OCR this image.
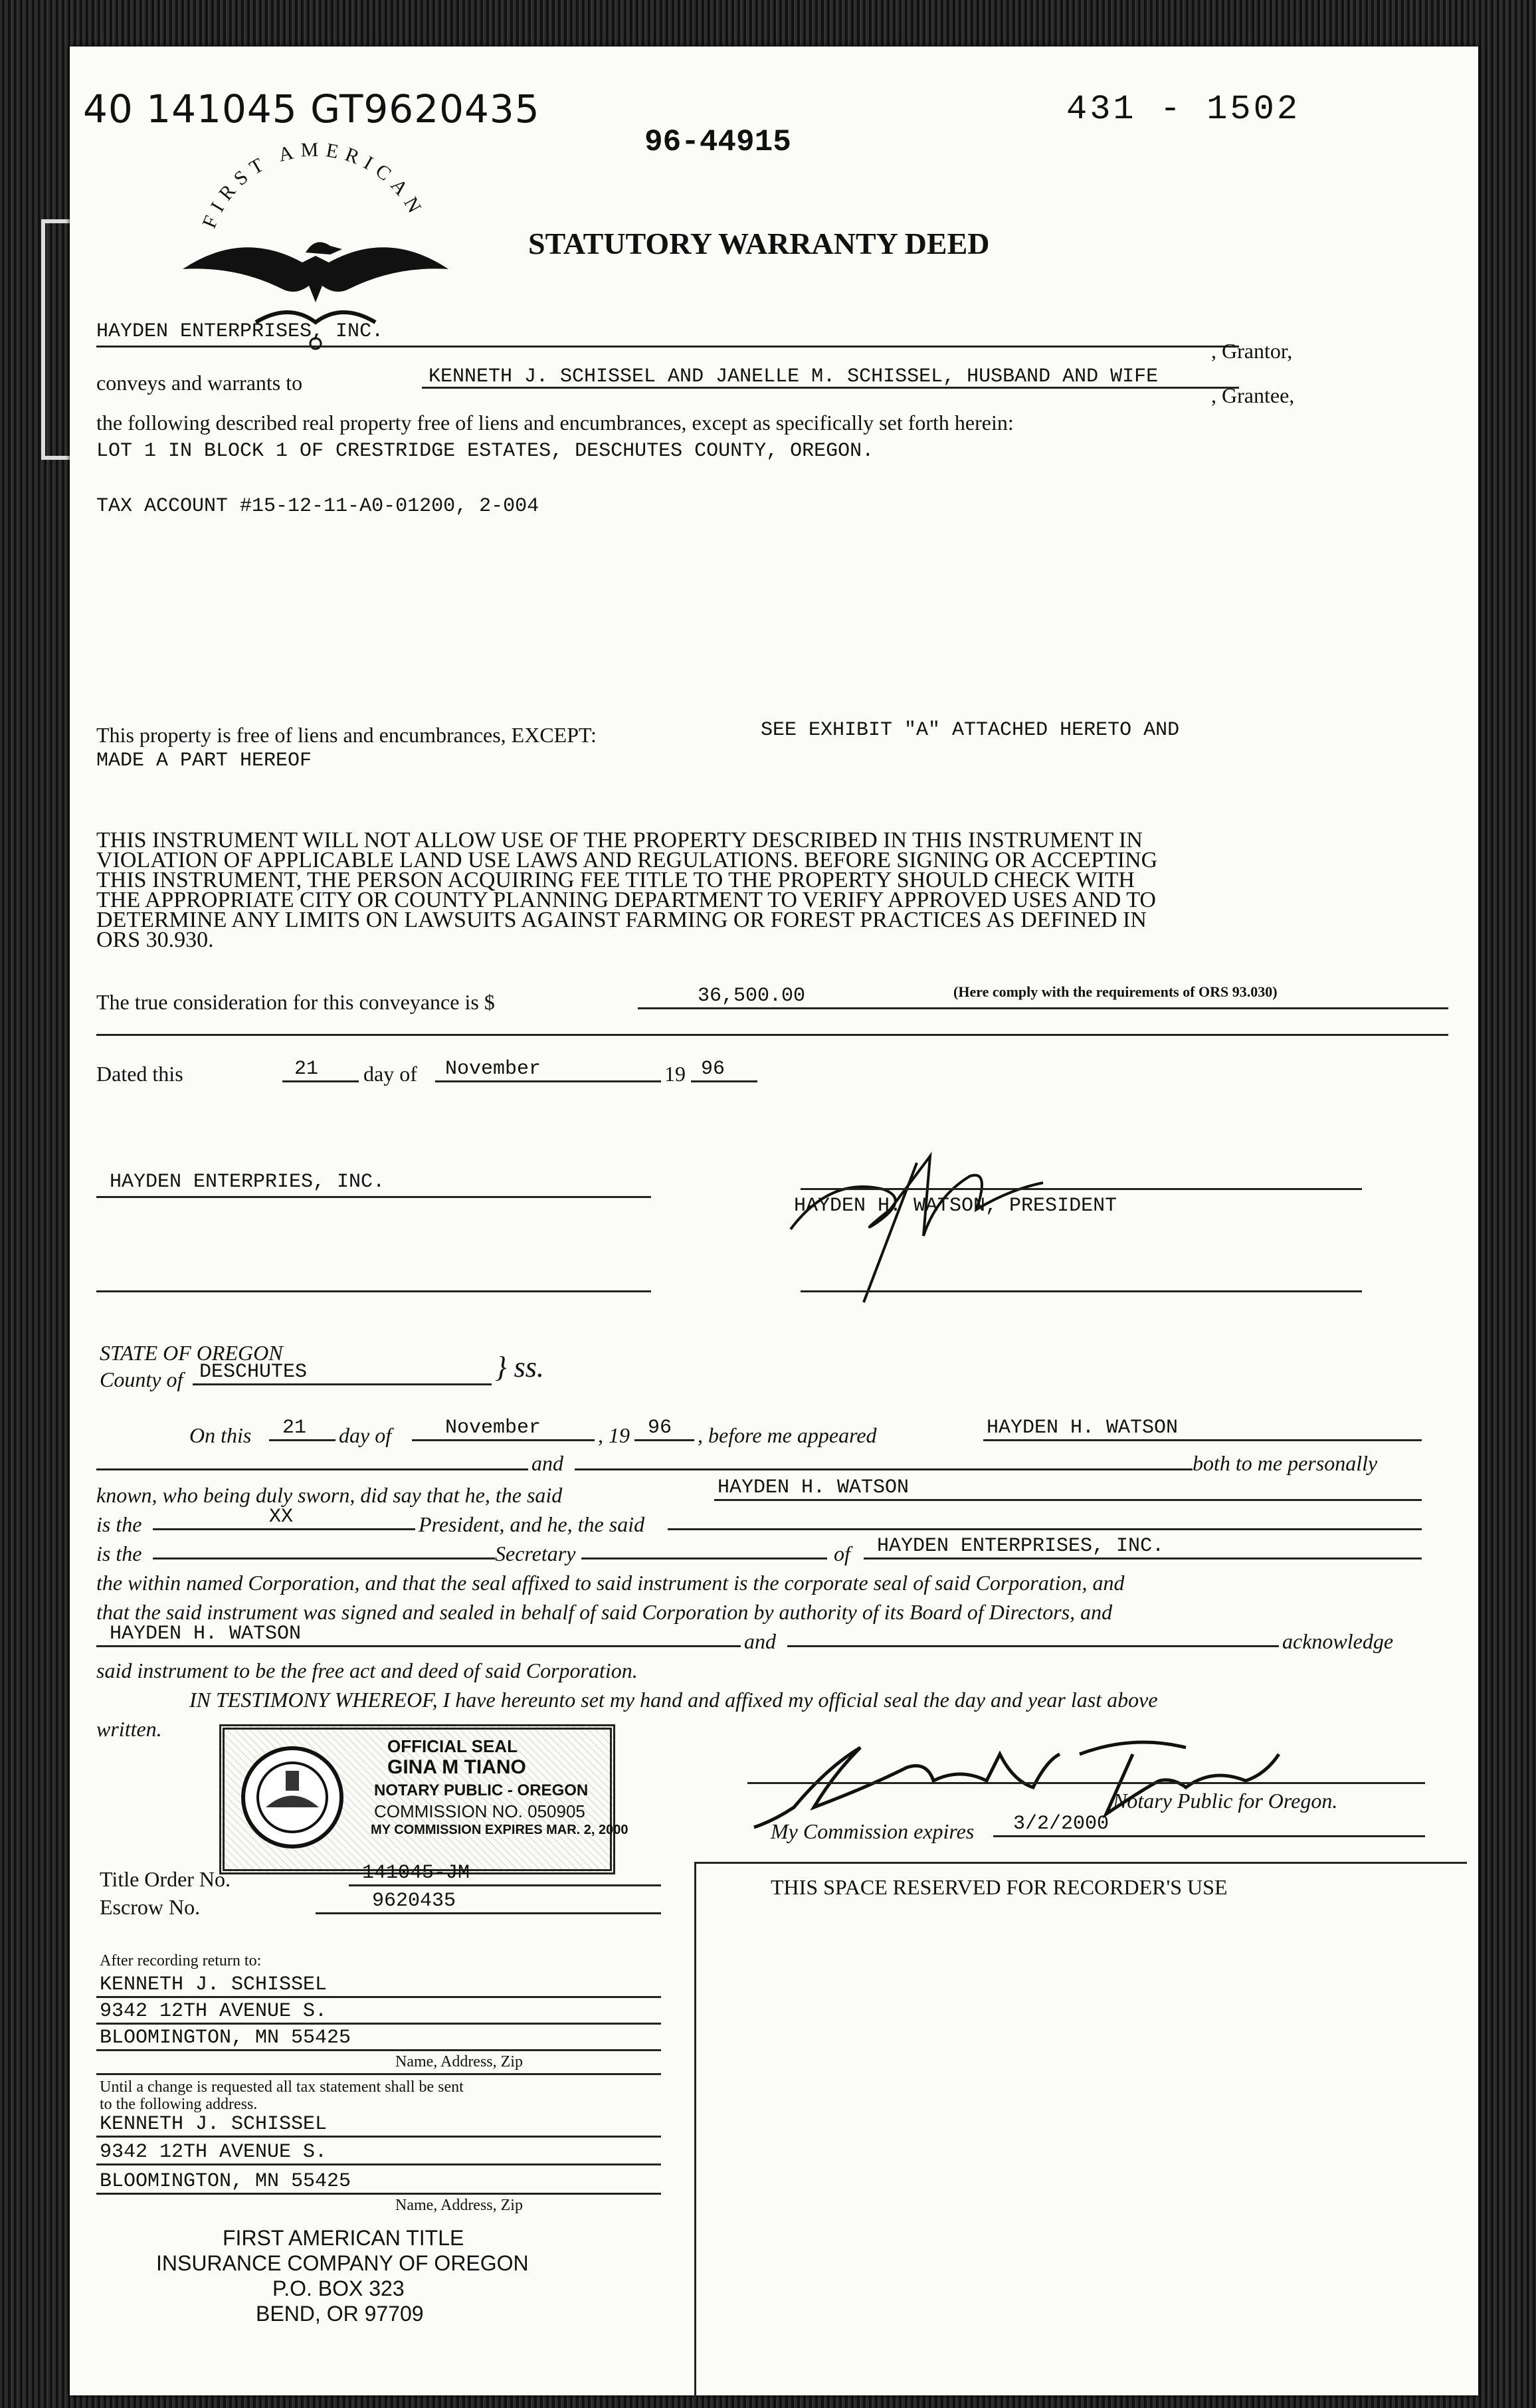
40 141045 GT9620435	431 - 1502
96-44915
FIRST AMERICAN
STATUTORY WARRANTY DEED
HAYDEN ENTERPRISES, INC.
, Grantor,
conveys and warrants to	KENNETH J. SCHISSEL AND JANELLE M. SCHISSEL, HUSBAND AND WIFE
, Grantee,
the following described real property free of liens and encumbrances, except as specifically set forth herein:
LOT 1 IN BLOCK 1 OF CRESTRIDGE ESTATES, DESCHUTES COUNTY, OREGON.
TAX ACCOUNT #15-12-11-A0-01200, 2-004
This property is free of liens and encumbrances, EXCEPT:	SEE EXHIBIT "A" ATTACHED HERETO AND
MADE A PART HEREOF
THIS INSTRUMENT WILL NOT ALLOW USE OF THE PROPERTY DESCRIBED IN THIS INSTRUMENT IN
VIOLATION OF APPLICABLE LAND USE LAWS AND REGULATIONS. BEFORE SIGNING OR ACCEPTING
THIS INSTRUMENT, THE PERSON ACQUIRING FEE TITLE TO THE PROPERTY SHOULD CHECK WITH
THE APPROPRIATE CITY OR COUNTY PLANNING DEPARTMENT TO VERIFY APPROVED USES AND TO
DETERMINE ANY LIMITS ON LAWSUITS AGAINST FARMING OR FOREST PRACTICES AS DEFINED IN
ORS 30.930.
The true consideration for this conveyance is $	36,500.00	(Here comply with the requirements of ORS 93.030)
Dated this	21 day of November	19 96
HAYDEN ENTERPRIES, INC.
HAYDEN H. WATSON, PRESIDENT
STATE OF OREGON
County of DESCHUTES	} ss.
On this 21 day of	November	, 19 96 , before me appeared	HAYDEN H. WATSON
and	both to me personally
known, who being duly sworn, did say that he, the said	HAYDEN H. WATSON
is the	XX	President, and he, the said
is the	Secretary	of HAYDEN ENTERPRISES, INC.
the within named Corporation, and that the seal affixed to said instrument is the corporate seal of said Corporation, and
that the said instrument was signed and sealed in behalf of said Corporation by authority of its Board of Directors, and
HAYDEN H. WATSON	and	acknowledge
said instrument to be the free act and deed of said Corporation.
IN TESTIMONY WHEREOF, I have hereunto set my hand and affixed my official seal the day and year last above
written.
OFFICIAL SEAL
GINA M TIANO
NOTARY PUBLIC - OREGON
COMMISSION NO. 050905
MY COMMISSION EXPIRES MAR. 2, 2000
Notary Public for Oregon.
My Commission expires 3/2/2000
Title Order No.	141045-JM
Escrow No.	9620435
THIS SPACE RESERVED FOR RECORDER'S USE
After recording return to:
KENNETH J. SCHISSEL
9342 12TH AVENUE S.
BLOOMINGTON, MN 55425
Name, Address, Zip
Until a change is requested all tax statement shall be sent
to the following address.
KENNETH J. SCHISSEL
9342 12TH AVENUE S.
BLOOMINGTON, MN 55425
Name, Address, Zip
FIRST AMERICAN TITLE
INSURANCE COMPANY OF OREGON
P.O. BOX 323
BEND, OR 97709
